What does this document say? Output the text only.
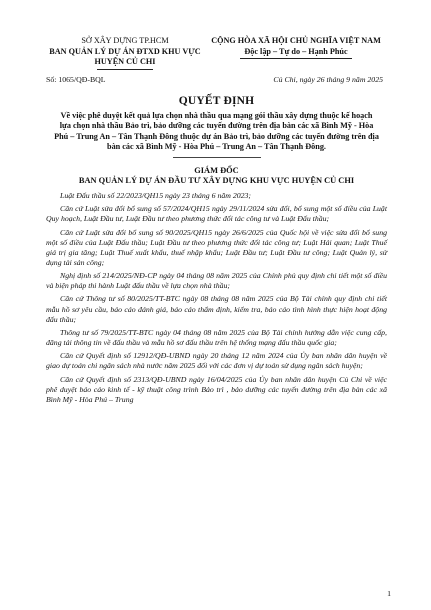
SỞ XÂY DỰNG TP.HCM
BAN QUẢN LÝ DỰ ÁN ĐTXD KHU VỰC
HUYỆN CỦ CHI
CỘNG HÒA XÃ HỘI CHỦ NGHĨA VIỆT NAM
Độc lập – Tự do – Hạnh Phúc
Số: 1065/QĐ-BQL	Củ Chi, ngày 26 tháng 9 năm 2025
QUYẾT ĐỊNH
Về việc phê duyệt kết quả lựa chọn nhà thầu qua mạng gói thầu xây dựng thuộc kế hoạch lựa chọn nhà thầu Bảo trì, bảo dưỡng các tuyến đường trên địa bàn các xã Bình Mỹ - Hòa Phú – Trung An – Tân Thạnh Đông thuộc dự án Bảo trì, bảo dưỡng các tuyến đường trên địa bàn các xã Bình Mỹ - Hòa Phú – Trung An – Tân Thạnh Đông.
GIÁM ĐỐC
BAN QUẢN LÝ DỰ ÁN ĐẦU TƯ XÂY DỰNG KHU VỰC HUYỆN CỦ CHI

Luật Đấu thầu số 22/2023/QH15 ngày 23 tháng 6 năm 2023;

Căn cứ Luật sửa đổi bổ sung số 57/2024/QH15 ngày 29/11/2024 sửa đổi, bổ sung một số điều của Luật Quy hoạch, Luật Đầu tư, Luật Đầu tư theo phương thức đối tác công tư và Luật Đấu thầu;

Căn cứ Luật sửa đổi bổ sung số 90/2025/QH15 ngày 26/6/2025 của Quốc hội về việc sửa đổi bổ sung một số điều của Luật Đấu thầu; Luật Đầu tư theo phương thức đối tác công tư; Luật Hải quan; Luật Thuế giá trị gia tăng; Luật Thuế xuất khẩu, thuế nhập khẩu; Luật Đầu tư; Luật Đầu tư công; Luật Quản lý, sử dụng tài sản công;

Nghị định số 214/2025/NĐ-CP ngày 04 tháng 08 năm 2025 của Chính phủ quy định chi tiết một số điều và biện pháp thi hành Luật đấu thầu về lựa chọn nhà thầu;

Căn cứ Thông tư số 80/2025/TT-BTC ngày 08 tháng 08 năm 2025 của Bộ Tài chính quy định chi tiết mẫu hồ sơ yêu cầu, báo cáo đánh giá, báo cáo thẩm định, kiểm tra, báo cáo tình hình thực hiện hoạt động đấu thầu;

Thông tư số 79/2025/TT-BTC ngày 04 tháng 08 năm 2025 của Bộ Tài chính hướng dẫn việc cung cấp, đăng tải thông tin về đấu thầu và mẫu hồ sơ đấu thầu trên hệ thống mạng đấu thầu quốc gia;

Căn cứ Quyết định số 12912/QĐ-UBND ngày 20 tháng 12 năm 2024 của Ủy ban nhân dân huyện về giao dự toán chi ngân sách nhà nước năm 2025 đối với các đơn vị dự toán sử dụng ngân sách huyện;

Căn cứ Quyết định số 2313/QĐ-UBND ngày 16/04/2025 của Ủy ban nhân dân huyện Củ Chi về việc phê duyệt báo cáo kinh tế - kỹ thuật công trình Bảo trì , bảo dưỡng các tuyến đường trên địa bàn các xã Bình Mỹ - Hòa Phú – Trung

1
